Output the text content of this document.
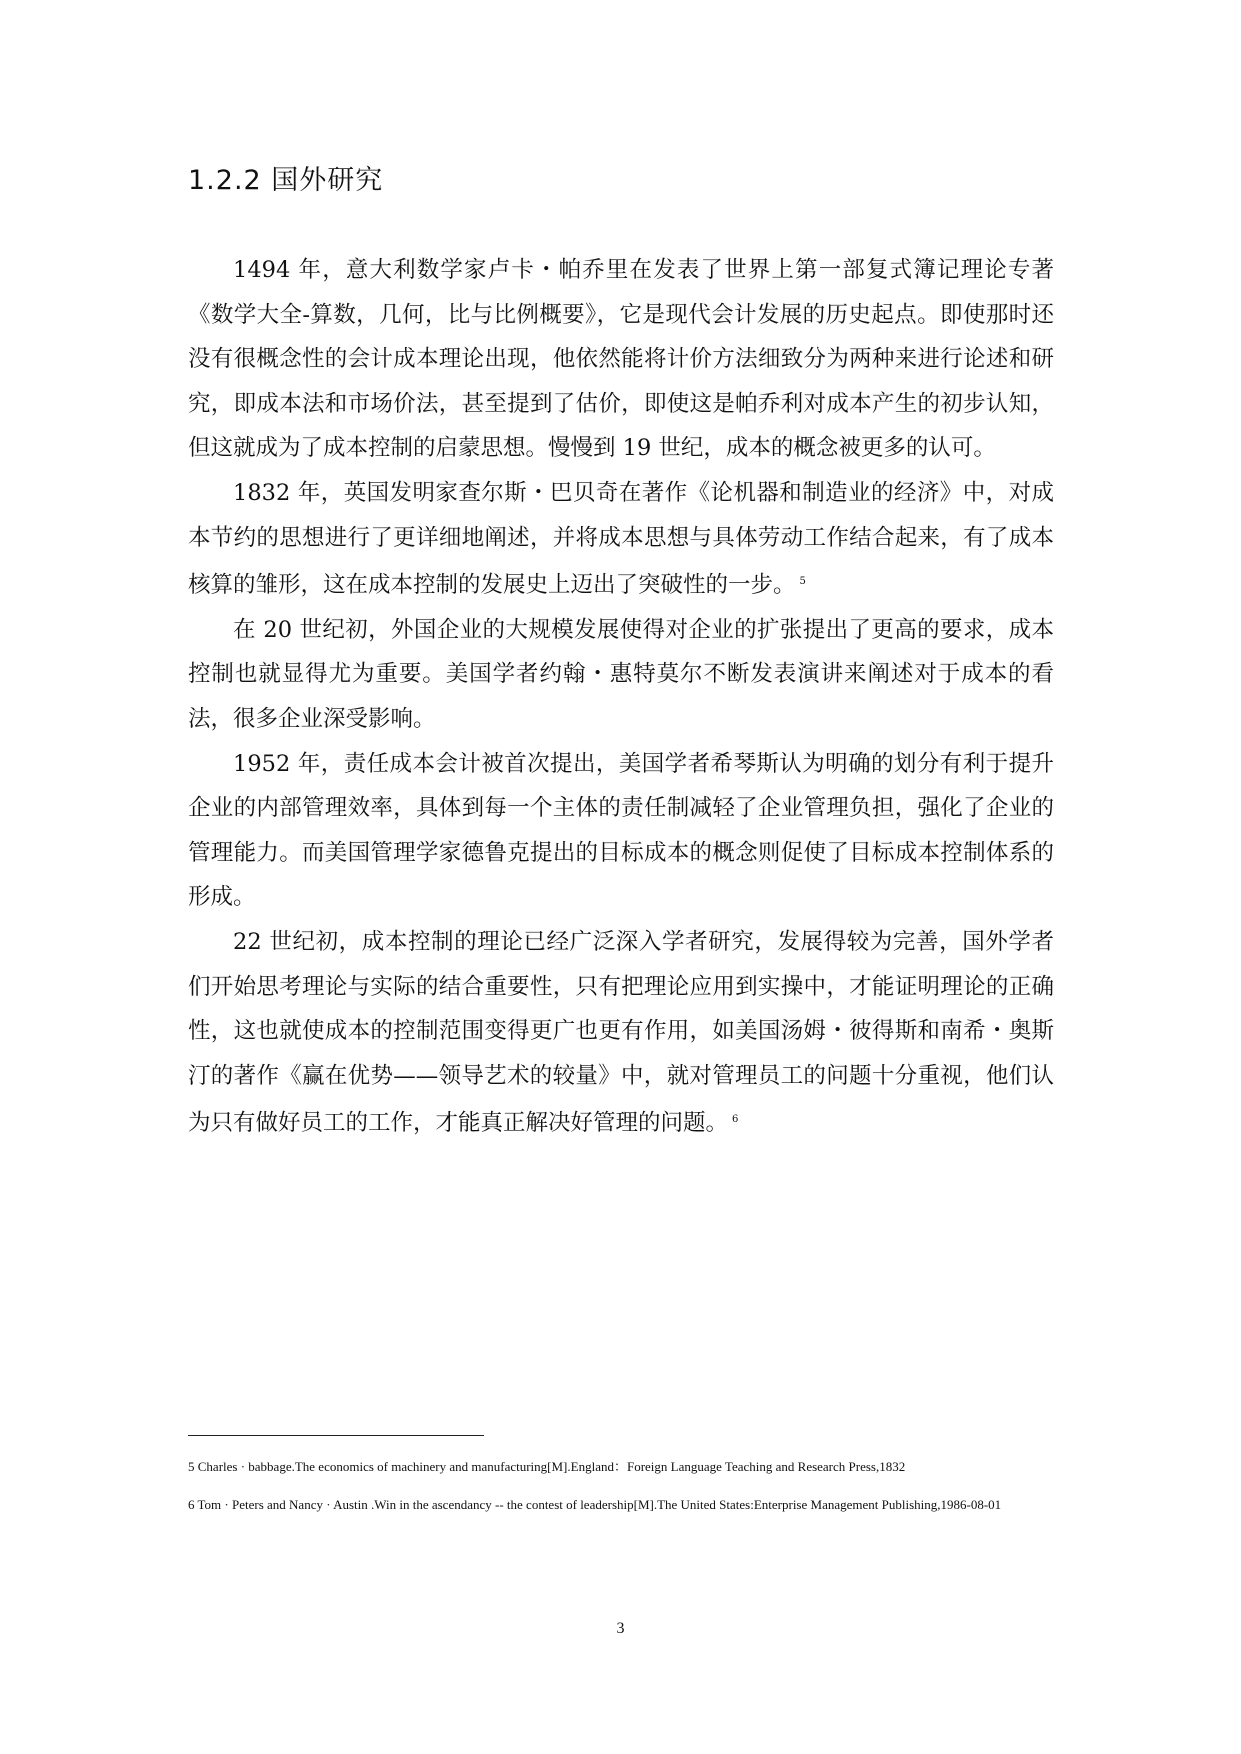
1.2.2 国外研究

1494 年，意大利数学家卢卡・帕乔里在发表了世界上第一部复式簿记理论专著《数学大全-算数，几何，比与比例概要》，它是现代会计发展的历史起点。即使那时还没有很概念性的会计成本理论出现，他依然能将计价方法细致分为两种来进行论述和研究，即成本法和市场价法，甚至提到了估价，即使这是帕乔利对成本产生的初步认知，但这就成为了成本控制的启蒙思想。慢慢到 19 世纪，成本的概念被更多的认可。

1832 年，英国发明家查尔斯・巴贝奇在著作《论机器和制造业的经济》中，对成本节约的思想进行了更详细地阐述，并将成本思想与具体劳动工作结合起来，有了成本核算的雏形，这在成本控制的发展史上迈出了突破性的一步。 $^5$

在 20 世纪初，外国企业的大规模发展使得对企业的扩张提出了更高的要求，成本控制也就显得尤为重要。美国学者约翰・惠特莫尔不断发表演讲来阐述对于成本的看法，很多企业深受影响。

1952 年，责任成本会计被首次提出，美国学者希琴斯认为明确的划分有利于提升企业的内部管理效率，具体到每一个主体的责任制减轻了企业管理负担，强化了企业的管理能力。而美国管理学家德鲁克提出的目标成本的概念则促使了目标成本控制体系的形成。

22 世纪初，成本控制的理论已经广泛深入学者研究，发展得较为完善，国外学者们开始思考理论与实际的结合重要性，只有把理论应用到实操中，才能证明理论的正确性，这也就使成本的控制范围变得更广也更有作用，如美国汤姆・彼得斯和南希・奥斯汀的著作《赢在优势——领导艺术的较量》中，就对管理员工的问题十分重视，他们认为只有做好员工的工作，才能真正解决好管理的问题。 $^6$

5 Charles · babbage.The economics of machinery and manufacturing[M].England：Foreign Language Teaching and Research Press,1832

6 Tom · Peters and Nancy · Austin .Win in the ascendancy -- the contest of leadership[M].The United States:Enterprise Management Publishing,1986-08-01

3
